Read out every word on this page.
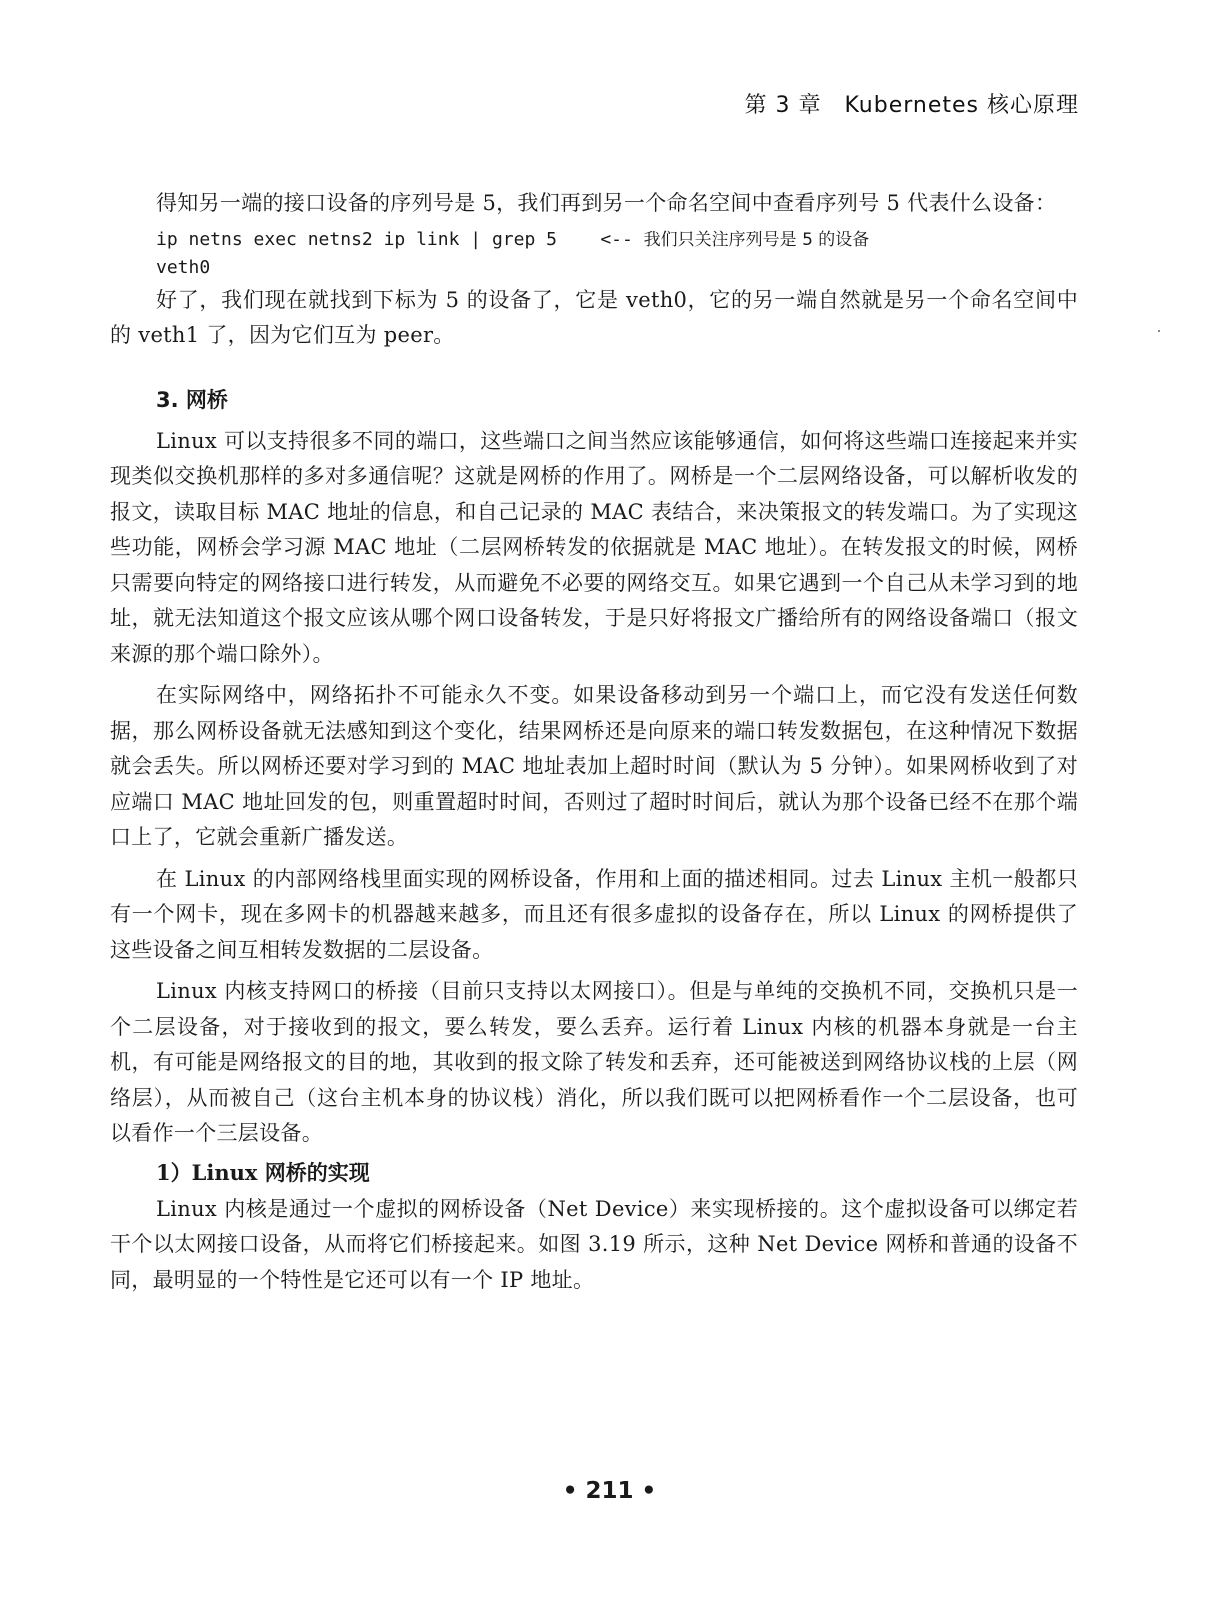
第 3 章　Kubernetes 核心原理

得知另一端的接口设备的序列号是 5，我们再到另一个命名空间中查看序列号 5 代表什么设备：

ip netns exec netns2 ip link | grep 5    <-- 我们只关注序列号是 5 的设备
veth0

好了，我们现在就找到下标为 5 的设备了，它是 veth0，它的另一端自然就是另一个命名空间中的 veth1 了，因为它们互为 peer。

3. 网桥

Linux 可以支持很多不同的端口，这些端口之间当然应该能够通信，如何将这些端口连接起来并实现类似交换机那样的多对多通信呢？这就是网桥的作用了。网桥是一个二层网络设备，可以解析收发的报文，读取目标 MAC 地址的信息，和自己记录的 MAC 表结合，来决策报文的转发端口。为了实现这些功能，网桥会学习源 MAC 地址（二层网桥转发的依据就是 MAC 地址）。在转发报文的时候，网桥只需要向特定的网络接口进行转发，从而避免不必要的网络交互。如果它遇到一个自己从未学习到的地址，就无法知道这个报文应该从哪个网口设备转发，于是只好将报文广播给所有的网络设备端口（报文来源的那个端口除外）。

在实际网络中，网络拓扑不可能永久不变。如果设备移动到另一个端口上，而它没有发送任何数据，那么网桥设备就无法感知到这个变化，结果网桥还是向原来的端口转发数据包，在这种情况下数据就会丢失。所以网桥还要对学习到的 MAC 地址表加上超时时间（默认为 5 分钟）。如果网桥收到了对应端口 MAC 地址回发的包，则重置超时时间，否则过了超时时间后，就认为那个设备已经不在那个端口上了，它就会重新广播发送。

在 Linux 的内部网络栈里面实现的网桥设备，作用和上面的描述相同。过去 Linux 主机一般都只有一个网卡，现在多网卡的机器越来越多，而且还有很多虚拟的设备存在，所以 Linux 的网桥提供了这些设备之间互相转发数据的二层设备。

Linux 内核支持网口的桥接（目前只支持以太网接口）。但是与单纯的交换机不同，交换机只是一个二层设备，对于接收到的报文，要么转发，要么丢弃。运行着 Linux 内核的机器本身就是一台主机，有可能是网络报文的目的地，其收到的报文除了转发和丢弃，还可能被送到网络协议栈的上层（网络层），从而被自己（这台主机本身的协议栈）消化，所以我们既可以把网桥看作一个二层设备，也可以看作一个三层设备。

1）Linux 网桥的实现

Linux 内核是通过一个虚拟的网桥设备（Net Device）来实现桥接的。这个虚拟设备可以绑定若干个以太网接口设备，从而将它们桥接起来。如图 3.19 所示，这种 Net Device 网桥和普通的设备不同，最明显的一个特性是它还可以有一个 IP 地址。

• 211 •
